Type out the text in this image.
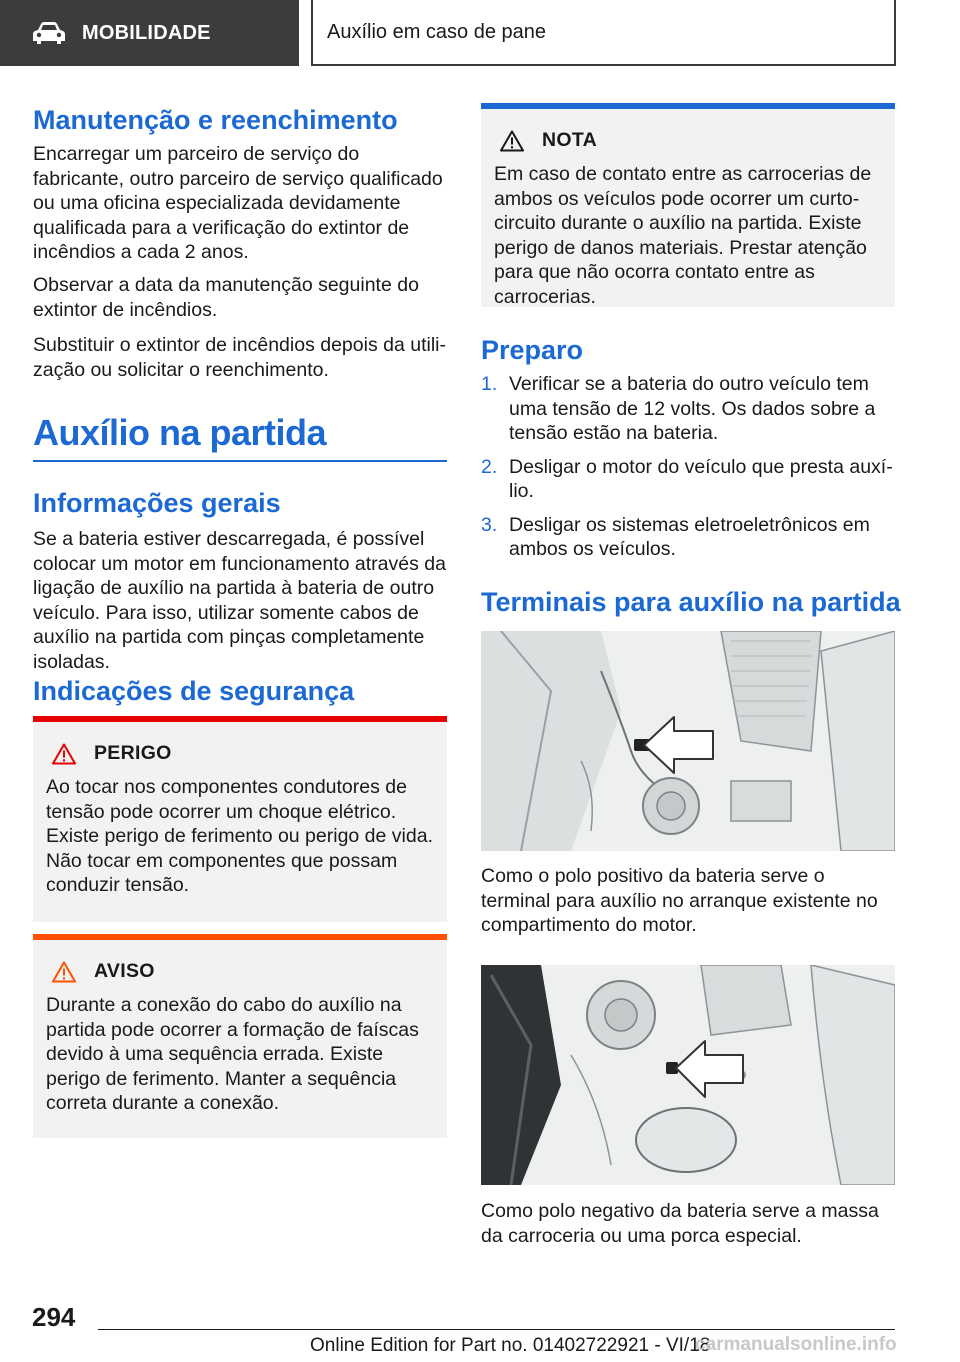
MOBILIDADE	Auxílio em caso de pane
Manutenção e reenchimento

Encarregar um parceiro de serviço do fabricante, outro parceiro de serviço qualificado ou uma oficina especializada devidamente qualificada para a verificação do extintor de incêndios a cada 2 anos.

Observar a data da manutenção seguinte do extintor de incêndios.

Substituir o extintor de incêndios depois da utilização ou solicitar o reenchimento.

Auxílio na partida
Informações gerais

Se a bateria estiver descarregada, é possível colocar um motor em funcionamento através da ligação de auxílio na partida à bateria de outro veículo. Para isso, utilizar somente cabos de auxílio na partida com pinças completamente isoladas.

Indicações de segurança
PERIGO

Ao tocar nos componentes condutores de tensão pode ocorrer um choque elétrico. Existe perigo de ferimento ou perigo de vida. Não tocar em componentes que possam conduzir tensão.

AVISO

Durante a conexão do cabo do auxílio na partida pode ocorrer a formação de faíscas devido à uma sequência errada. Existe perigo de ferimento. Manter a sequência correta durante a conexão.

NOTA

Em caso de contato entre as carrocerias de ambos os veículos pode ocorrer um curto-circuito durante o auxílio na partida. Existe perigo de danos materiais. Prestar atenção para que não ocorra contato entre as carrocerias.

Preparo
1. Verificar se a bateria do outro veículo tem uma tensão de 12 volts. Os dados sobre a tensão estão na bateria.
2. Desligar o motor do veículo que presta auxílio.
3. Desligar os sistemas eletroeletrônicos em ambos os veículos.
Terminais para auxílio na partida

Como o polo positivo da bateria serve o terminal para auxílio no arranque existente no compartimento do motor.

Como polo negativo da bateria serve a massa da carroceria ou uma porca especial.

294
Online Edition for Part no. 01402722921 - VI/18
carmanualsonline.info
